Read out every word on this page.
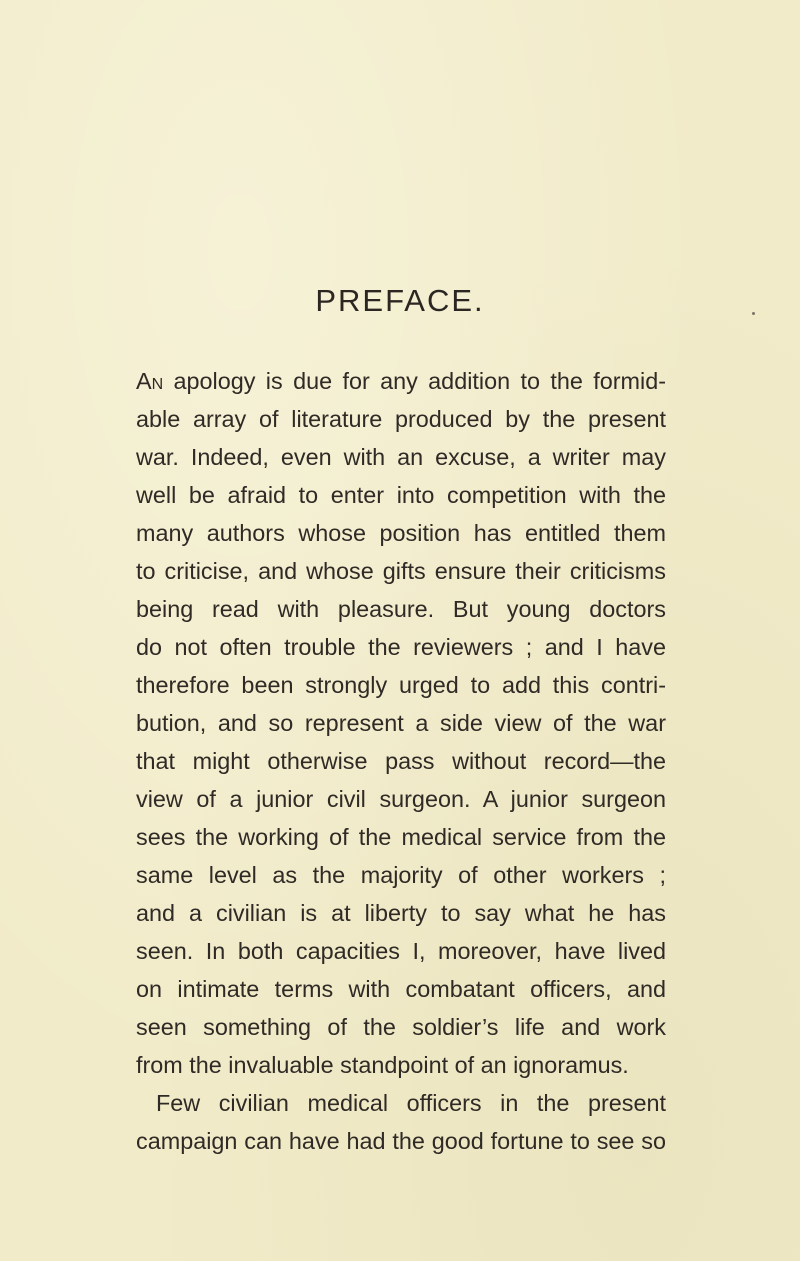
PREFACE.
An apology is due for any addition to the formid-
able array of literature produced by the present
war. Indeed, even with an excuse, a writer may
well be afraid to enter into competition with the
many authors whose position has entitled them
to criticise, and whose gifts ensure their criticisms
being read with pleasure. But young doctors
do not often trouble the reviewers ; and I have
therefore been strongly urged to add this contri-
bution, and so represent a side view of the war
that might otherwise pass without record—the
view of a junior civil surgeon. A junior surgeon
sees the working of the medical service from the
same level as the majority of other workers ;
and a civilian is at liberty to say what he has
seen. In both capacities I, moreover, have lived
on intimate terms with combatant officers, and
seen something of the soldier’s life and work
from the invaluable standpoint of an ignoramus.
Few civilian medical officers in the present
campaign can have had the good fortune to see so
